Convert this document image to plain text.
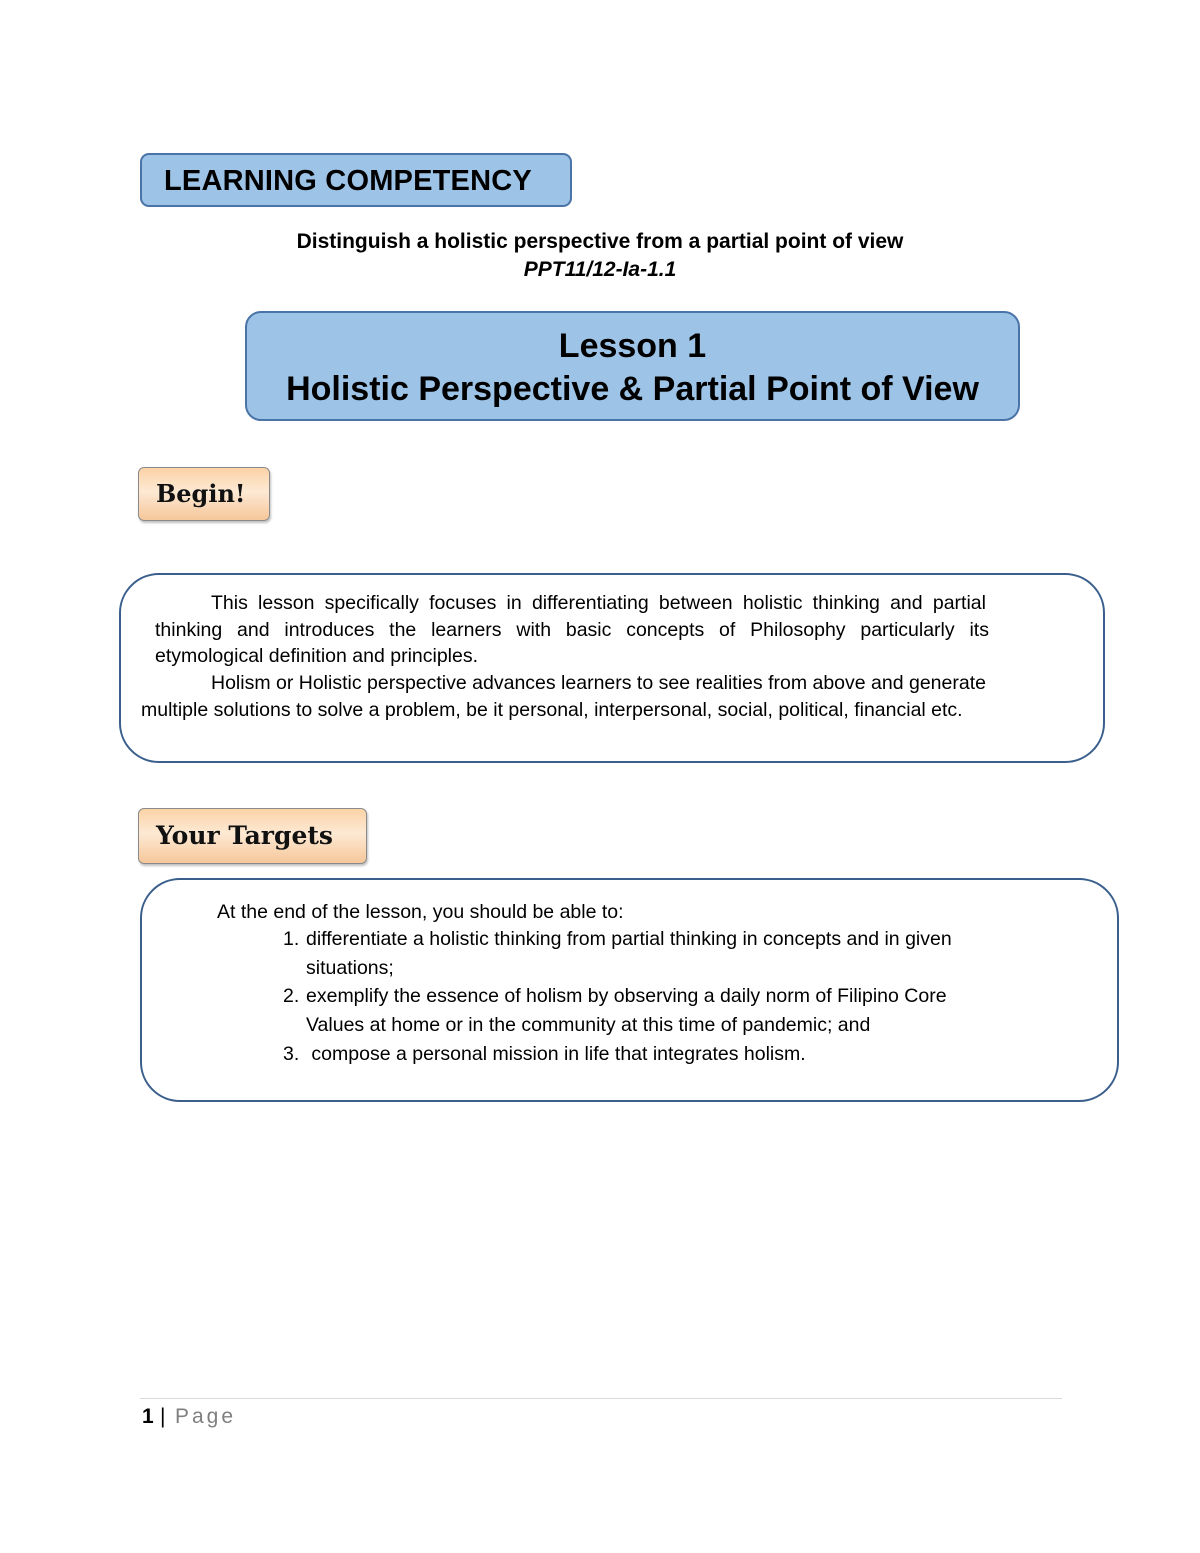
LEARNING COMPETENCY
Distinguish a holistic perspective from a partial point of view
PPT11/12-Ia-1.1
Lesson 1
Holistic Perspective & Partial Point of View
Begin!
This lesson specifically focuses in differentiating between holistic thinking and partial
thinking and introduces the learners with basic concepts of Philosophy particularly its
etymological definition and principles.
Holism or Holistic perspective advances learners to see realities from above and generate
multiple solutions to solve a problem, be it personal, interpersonal, social, political, financial etc.
Your Targets
At the end of the lesson, you should be able to:
1. differentiate a holistic thinking from partial thinking in concepts and in given
situations;
2. exemplify the essence of holism by observing a daily norm of Filipino Core
Values at home or in the community at this time of pandemic; and
3. compose a personal mission in life that integrates holism.
1 | Page
